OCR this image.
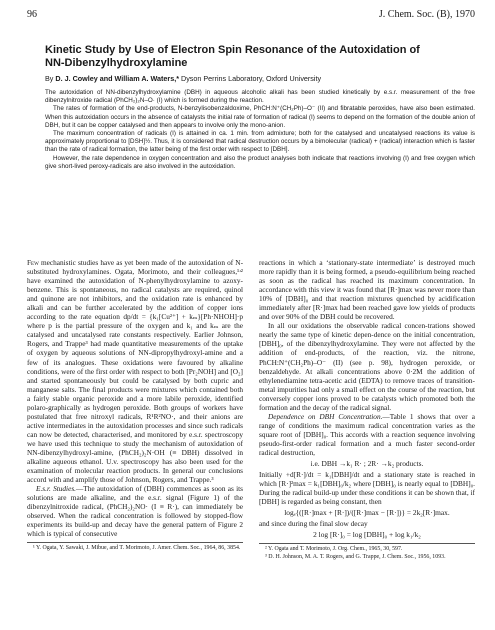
96	J. Chem. Soc. (B), 1970
Kinetic Study by Use of Electron Spin Resonance of the Autoxidation of
NN-Dibenzylhydroxylamine
By D. J. Cowley and William A. Waters,* Dyson Perrins Laboratory, Oxford University

The autoxidation of NN-dibenzylhydroxylamine (DBH) in aqueous alcoholic alkali has been studied kinetically by e.s.r. measurement of the free dibenzylnitroxide radical (PhCH₂)₂N–O· (I) which is formed during the reaction.

The rates of formation of the end-products, N-benzylisobenzaldoxime, PhCH:N⁺(CH₂Ph)–O⁻ (II) and fibratable peroxides, have also been estimated. When this autoxidation occurs in the absence of catalysts the initial rate of formation of radical (I) seems to depend on the formation of the double anion of DBH, but it can be copper catalysed and then appears to involve only the mono-anion.

The maximum concentration of radicals (I) is attained in ca. 1 min. from admixture; both for the catalysed and uncatalysed reactions its value is approximately proportional to [DSH]½. Thus, it is considered that radical destruction occurs by a bimolecular (radical) + (radical) interaction which is faster than the rate of radical formation, the latter being of the first order with respect to [DBH].

However, the rate dependence in oxygen concentration and also the product analyses both indicate that reactions involving (I) and free oxygen which give short-lived peroxy-radicals are also involved in the autoxidation.

Few mechanistic studies have as yet been made of the autoxidation of N-substituted hydroxylamines. Ogata, Morimoto, and their colleagues,¹ʴ² have examined the autoxidation of N-phenylhydroxylamine to azoxy-benzene. This is spontaneous, no radical catalysts are required, quinol and quinone are not inhibitors, and the oxidation rate is enhanced by alkali and can be further accelerated by the addition of copper ions according to the rate equation dp/dt = {k₁[Cu²⁺] + kₘ}[Ph·NHOH]·p where p is the partial pressure of the oxygen and k₁ and kₘ are the catalysed and uncatalysed rate constants respectively. Earlier Johnson, Rogers, and Trappe³ had made quantitative measurements of the uptake of oxygen by aqueous solutions of NN-dipropylhydroxyl-amine and a few of its analogues. These oxidations were favoured by alkaline conditions, were of the first order with respect to both [Pr₂NOH] and [O₂] and started spontaneously but could be catalysed by both cupric and manganese salts. The final products were mixtures which contained both a fairly stable organic peroxide and a more labile peroxide, identified polaro-graphically as hydrogen peroxide. Both groups of workers have postulated that free nitroxyl radicals, R¹R²NO·, and their anions are active intermediates in the autoxidation processes and since such radicals can now be detected, characterised, and monitored by e.s.r. spectroscopy we have used this technique to study the mechanism of autoxidation of NN-dibenzylhydroxyl-amine, (PhCH₂)₂N·OH (≡ DBH) dissolved in alkaline aqueous ethanol. U.v. spectroscopy has also been used for the examination of molecular reaction products. In general our conclusions accord with and amplify those of Johnson, Rogers, and Trappe.³

E.s.r. Studies.—The autoxidation of (DBH) commences as soon as its solutions are made alkaline, and the e.s.r. signal (Figure 1) of the dibenzylnitroxide radical, (PhCH₂)₂NO· (I ≡ R·), can immediately be observed. When the radical concentration is followed by stopped-flow experiments its build-up and decay have the general pattern of Figure 2 which is typical of consecutive

¹ Y. Ogata, Y. Sawaki, J. Mibue, and T. Morimoto, J. Amer. Chem. Soc., 1964, 86, 3854.

reactions in which a ‘stationary-state intermediate’ is destroyed much more rapidly than it is being formed, a pseudo-equilibrium being reached as soon as the radical has reached its maximum concentration. In accordance with this view it was found that [R·]max was never more than 10% of [DBH]₀ and that reaction mixtures quenched by acidification immediately after [R·]max had been reached gave low yields of products and over 90% of the DBH could be recovered.

In all our oxidations the observable radical concen-trations showed nearly the same type of kinetic depen-dence on the initial concentration, [DBH]₀, of the dibenzylhydroxylamine. They were not affected by the addition of end-products, of the reaction, viz. the nitrone, PhCH:N⁺(CH₂Ph)–O⁻ (II) (see p. 98), hydrogen peroxide, or benzaldehyde. At alkali concentrations above 0·2M the addition of ethylenediamine tetra-acetic acid (EDTA) to remove traces of transition-metal impurities had only a small effect on the course of the reaction, but conversely copper ions proved to be catalysts which promoted both the formation and the decay of the radical signal.

Dependence on DBH Concentration.—Table 1 shows that over a range of conditions the maximum radical concentration varies as the square root of [DBH]₀. This accords with a reaction sequence involving pseudo-first-order radical formation and a much faster second-order radical destruction,

i.e. DBH →k₁ R· ; 2R· →k₂ products.

Initially +d[R·]/dt = k₁[DBH]/dt and a stationary state is reached in which [R·]²max = k₁[DBH]₀/k₂ where [DBH]₀ is nearly equal to [DBH]₀. During the radical build-up under these conditions it can be shown that, if [DBH] is regarded as being constant, then

logₑ{([R·]max + [R·])/([R·]max − [R·])} = 2k₂[R·]max.

and since during the final slow decay

2 log [R·]₀ = log [DBH]₀ + log k₁/k₂
² Y. Ogata and T. Morimoto, J. Org. Chem., 1965, 30, 597.
³ D. H. Johnson, M. A. T. Rogers, and G. Trappe, J. Chem. Soc., 1956, 1093.
